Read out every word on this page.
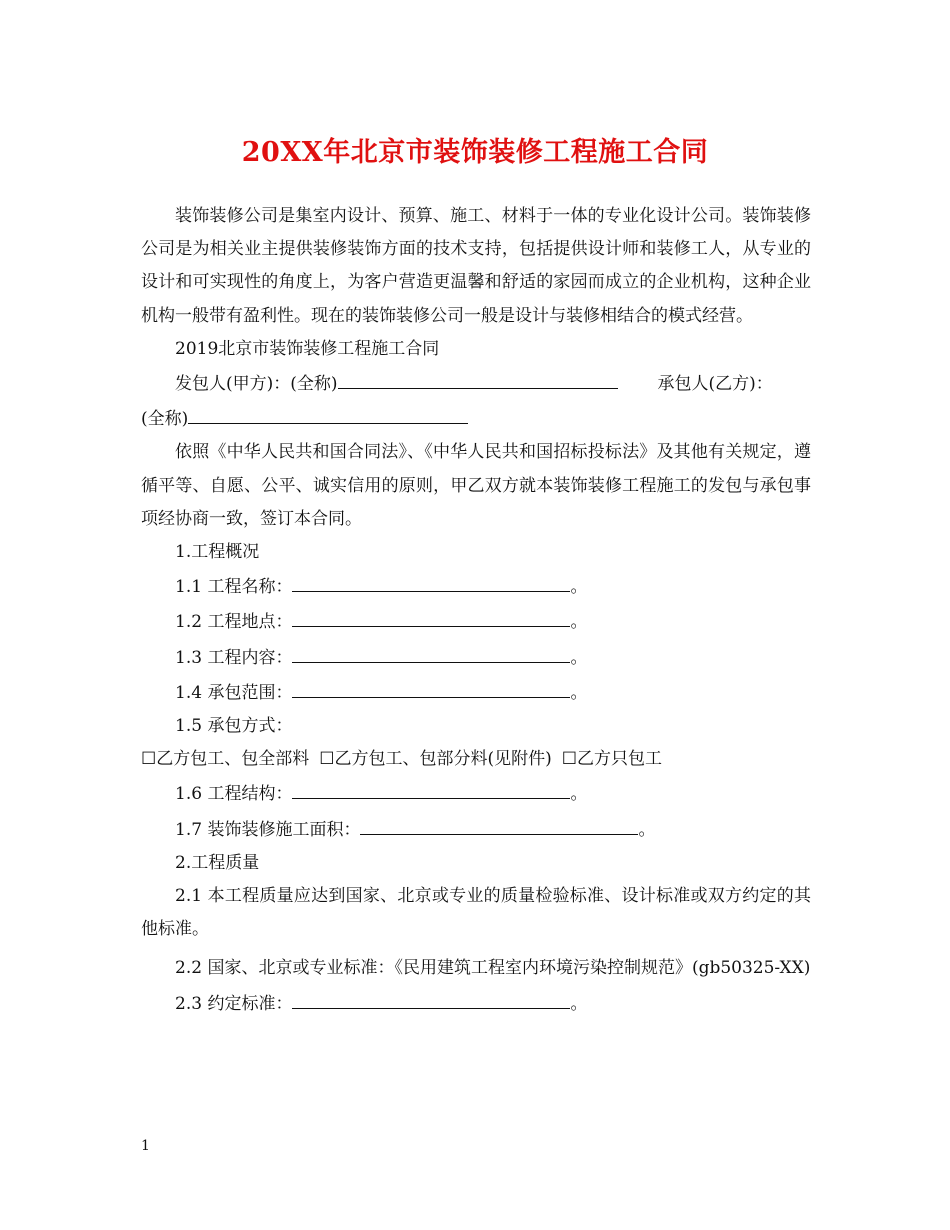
20XX年北京市装饰装修工程施工合同

装饰装修公司是集室内设计、预算、施工、材料于一体的专业化设计公司。装饰装修公司是为相关业主提供装修装饰方面的技术支持，包括提供设计师和装修工人，从专业的设计和可实现性的角度上，为客户营造更温馨和舒适的家园而成立的企业机构，这种企业机构一般带有盈利性。现在的装饰装修公司一般是设计与装修相结合的模式经营。

2019北京市装饰装修工程施工合同

发包人(甲方)：(全称)	承包人(乙方)：

(全称)

依照《中华人民共和国合同法》、《中华人民共和国招标投标法》及其他有关规定，遵循平等、自愿、公平、诚实信用的原则，甲乙双方就本装饰装修工程施工的发包与承包事项经协商一致，签订本合同。

1.工程概况

1.1 工程名称：	。

1.2 工程地点：	。

1.3 工程内容：	。

1.4 承包范围：	。

1.5 承包方式：

☐乙方包工、包全部料 ☐乙方包工、包部分料(见附件) ☐乙方只包工

1.6 工程结构：	。

1.7 装饰装修施工面积：	。

2.工程质量

2.1 本工程质量应达到国家、北京或专业的质量检验标准、设计标准或双方约定的其他标准。

2.2 国家、北京或专业标准：《民用建筑工程室内环境污染控制规范》(gb50325-XX)

2.3 约定标准：	。

1
